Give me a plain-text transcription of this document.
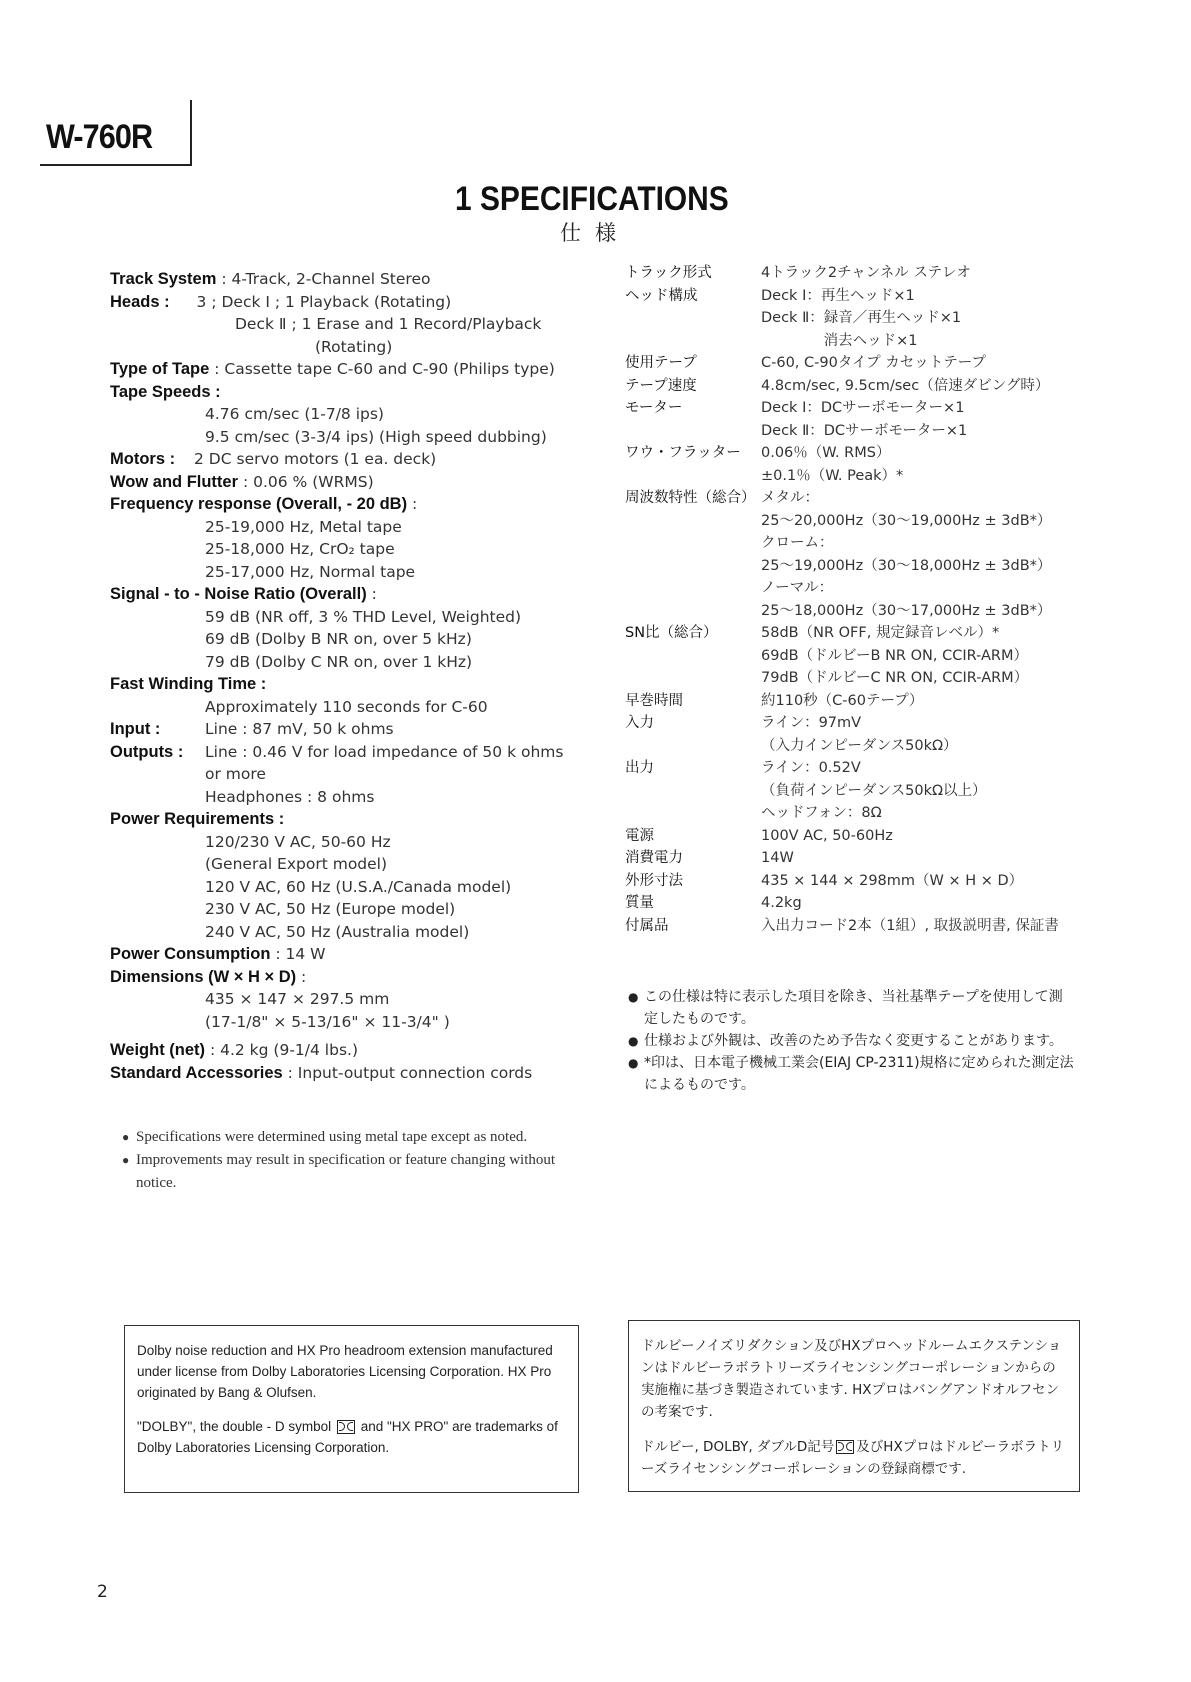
W-760R
1 SPECIFICATIONS
仕様
Track System : 4-Track, 2-Channel Stereo
Heads : 3 ; Deck Ⅰ ; 1 Playback (Rotating)
Deck Ⅱ ; 1 Erase and 1 Record/Playback
(Rotating)
Type of Tape : Cassette tape C-60 and C-90 (Philips type)
Tape Speeds :
4.76 cm/sec (1-7/8 ips)
9.5 cm/sec (3-3/4 ips) (High speed dubbing)
Motors : 2 DC servo motors (1 ea. deck)
Wow and Flutter : 0.06 % (WRMS)
Frequency response (Overall, - 20 dB) :
25-19,000 Hz, Metal tape
25-18,000 Hz, CrO₂ tape
25-17,000 Hz, Normal tape
Signal - to - Noise Ratio (Overall) :
59 dB (NR off, 3 % THD Level, Weighted)
69 dB (Dolby B NR on, over 5 kHz)
79 dB (Dolby C NR on, over 1 kHz)
Fast Winding Time :
Approximately 110 seconds for C-60
Input :	Line : 87 mV, 50 k ohms
Outputs : Line : 0.46 V for load impedance of 50 k ohms
or more
Headphones : 8 ohms
Power Requirements :
120/230 V AC, 50-60 Hz
(General Export model)
120 V AC, 60 Hz (U.S.A./Canada model)
230 V AC, 50 Hz (Europe model)
240 V AC, 50 Hz (Australia model)
Power Consumption : 14 W
Dimensions (W × H × D) :
435 × 147 × 297.5 mm
(17-1/8" × 5-13/16" × 11-3/4" )
Weight (net) : 4.2 kg (9-1/4 lbs.)
Standard Accessories : Input-output connection cords
トラック形式	4トラック2チャンネル ステレオ
ヘッド構成	Deck Ⅰ：再生ヘッド×1
Deck Ⅱ：録音／再生ヘッド×1
　　　　 消去ヘッド×1
使用テープ	C-60, C-90タイプ カセットテープ
テープ速度	4.8cm/sec, 9.5cm/sec（倍速ダビング時）
モーター	Deck Ⅰ：DCサーボモーター×1
Deck Ⅱ：DCサーボモーター×1
ワウ・フラッター 0.06％（W. RMS）
±0.1％（W. Peak）*
周波数特性（総合） メタル：
25〜20,000Hz（30〜19,000Hz ± 3dB*）
クローム：
25〜19,000Hz（30〜18,000Hz ± 3dB*）
ノーマル：
25〜18,000Hz（30〜17,000Hz ± 3dB*）
SN比（総合）	58dB（NR OFF, 規定録音レベル）*
69dB（ドルビーB NR ON, CCIR-ARM）
79dB（ドルビーC NR ON, CCIR-ARM）
早巻時間	約110秒（C-60テープ）
入力	ライン：97mV
（入力インピーダンス50kΩ）
出力	ライン：0.52V
（負荷インピーダンス50kΩ以上）
ヘッドフォン：8Ω
電源	100V AC, 50-60Hz
消費電力	14W
外形寸法	435 × 144 × 298mm（W × H × D）
質量	4.2kg
付属品	入出力コード2本（1組）, 取扱説明書, 保証書
● この仕様は特に表示した項目を除き、当社基準テープを使用して測定したものです。
● 仕様および外観は、改善のため予告なく変更することがあります。
● *印は、日本電子機械工業会(EIAJ CP-2311)規格に定められた測定法によるものです。
● Specifications were determined using metal tape except as noted.
● Improvements may result in specification or feature changing without notice.

Dolby noise reduction and HX Pro headroom extension manufactured under license from Dolby Laboratories Licensing Corporation. HX Pro originated by Bang & Olufsen.

"DOLBY", the double - D symbol and "HX PRO" are trademarks of Dolby Laboratories Licensing Corporation.

ドルビーノイズリダクション及びHXプロヘッドルームエクステンションはドルビーラボラトリーズライセンシングコーポレーションからの実施権に基づき製造されています. HXプロはバングアンドオルフセンの考案です.

ドルビー, DOLBY, ダブルD記号 及びHXプロはドルビーラボラトリーズライセンシングコーポレーションの登録商標です.

2
